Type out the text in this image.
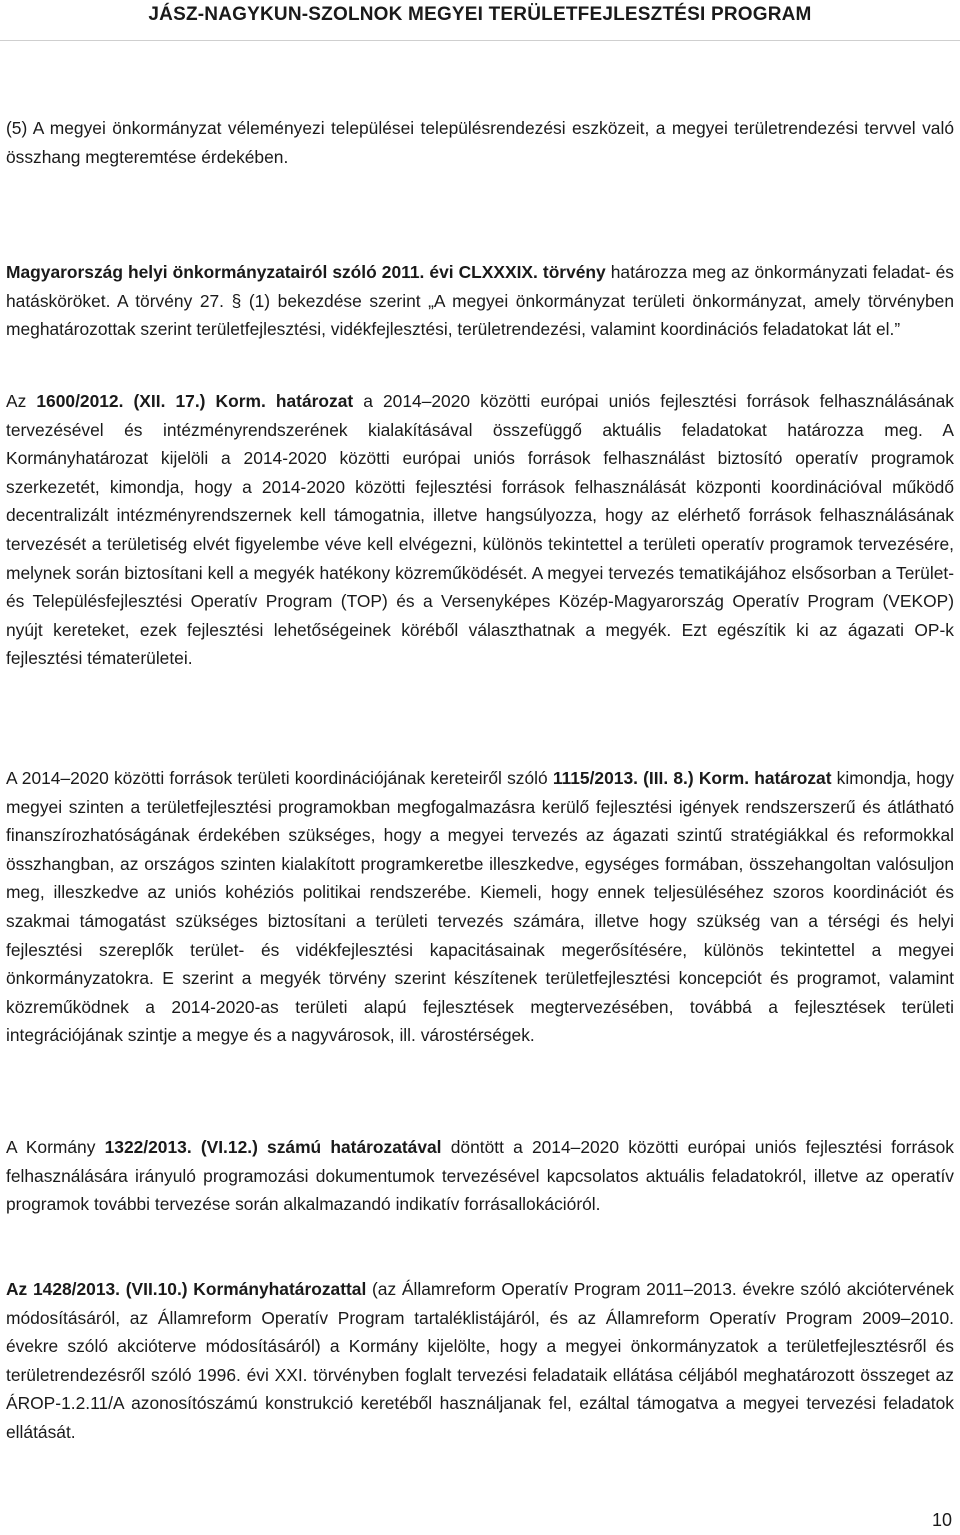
JÁSZ-NAGYKUN-SZOLNOK MEGYEI TERÜLETFEJLESZTÉSI PROGRAM

(5) A megyei önkormányzat véleményezi települései településrendezési eszközeit, a megyei területrendezési tervvel való összhang megteremtése érdekében.

Magyarország helyi önkormányzatairól szóló 2011. évi CLXXXIX. törvény határozza meg az önkormányzati feladat- és hatásköröket. A törvény 27. § (1) bekezdése szerint „A megyei önkormányzat területi önkormányzat, amely törvényben meghatározottak szerint területfejlesztési, vidékfejlesztési, területrendezési, valamint koordinációs feladatokat lát el.”

Az 1600/2012. (XII. 17.) Korm. határozat a 2014–2020 közötti európai uniós fejlesztési források felhasználásának tervezésével és intézményrendszerének kialakításával összefüggő aktuális feladatokat határozza meg. A Kormányhatározat kijelöli a 2014-2020 közötti európai uniós források felhasználást biztosító operatív programok szerkezetét, kimondja, hogy a 2014-2020 közötti fejlesztési források felhasználását központi koordinációval működő decentralizált intézményrendszernek kell támogatnia, illetve hangsúlyozza, hogy az elérhető források felhasználásának tervezését a területiség elvét figyelembe véve kell elvégezni, különös tekintettel a területi operatív programok tervezésére, melynek során biztosítani kell a megyék hatékony közreműködését. A megyei tervezés tematikájához elsősorban a Terület- és Településfejlesztési Operatív Program (TOP) és a Versenyképes Közép-Magyarország Operatív Program (VEKOP) nyújt kereteket, ezek fejlesztési lehetőségeinek köréből választhatnak a megyék. Ezt egészítik ki az ágazati OP-k fejlesztési tématerületei.

A 2014–2020 közötti források területi koordinációjának kereteiről szóló 1115/2013. (III. 8.) Korm. határozat kimondja, hogy megyei szinten a területfejlesztési programokban megfogalmazásra kerülő fejlesztési igények rendszerszerű és átlátható finanszírozhatóságának érdekében szükséges, hogy a megyei tervezés az ágazati szintű stratégiákkal és reformokkal összhangban, az országos szinten kialakított programkeretbe illeszkedve, egységes formában, összehangoltan valósuljon meg, illeszkedve az uniós kohéziós politikai rendszerébe. Kiemeli, hogy ennek teljesüléséhez szoros koordinációt és szakmai támogatást szükséges biztosítani a területi tervezés számára, illetve hogy szükség van a térségi és helyi fejlesztési szereplők terület- és vidékfejlesztési kapacitásainak megerősítésére, különös tekintettel a megyei önkormányzatokra. E szerint a megyék törvény szerint készítenek területfejlesztési koncepciót és programot, valamint közreműködnek a 2014-2020-as területi alapú fejlesztések megtervezésében, továbbá a fejlesztések területi integrációjának szintje a megye és a nagyvárosok, ill. várostérségek.

A Kormány 1322/2013. (VI.12.) számú határozatával döntött a 2014–2020 közötti európai uniós fejlesztési források felhasználására irányuló programozási dokumentumok tervezésével kapcsolatos aktuális feladatokról, illetve az operatív programok további tervezése során alkalmazandó indikatív forrásallokációról.

Az 1428/2013. (VII.10.) Kormányhatározattal (az Államreform Operatív Program 2011–2013. évekre szóló akciótervének módosításáról, az Államreform Operatív Program tartaléklistájáról, és az Államreform Operatív Program 2009–2010. évekre szóló akcióterve módosításáról) a Kormány kijelölte, hogy a megyei önkormányzatok a területfejlesztésről és területrendezésről szóló 1996. évi XXI. törvényben foglalt tervezési feladataik ellátása céljából meghatározott összeget az ÁROP-1.2.11/A azonosítószámú konstrukció keretéből használjanak fel, ezáltal támogatva a megyei tervezési feladatok ellátását.

10
